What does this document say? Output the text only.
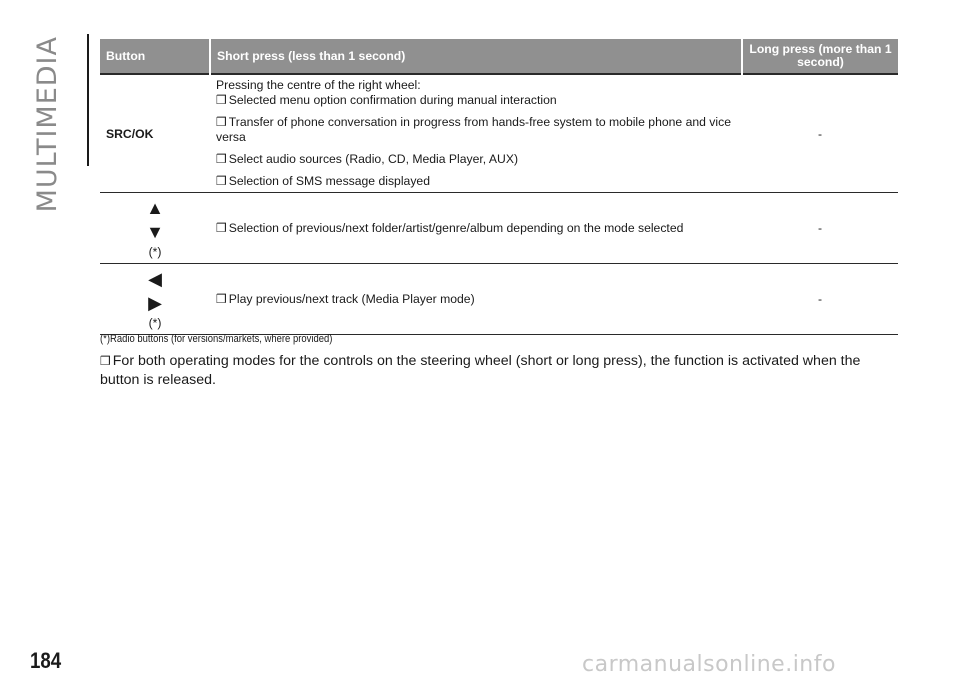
MULTIMEDIA	Button	Short press (less than 1 second)	Long press (more than 1 second)
SRC/OK	Pressing the centre of the right wheel:

❒ Selected menu option confirmation during manual interaction

❒ Transfer of phone conversation in progress from hands-free system to mobile phone and vice versa

❒ Select audio sources (Radio, CD, Media Player, AUX)

❒ Selection of SMS message displayed	-

▲
▼
(*)	❒ Selection of previous/next folder/artist/genre/album depending on the mode selected	-

◀
▶
(*)	❒ Play previous/next track (Media Player mode)	-
(*)Radio buttons (for versions/markets, where provided)
❒ For both operating modes for the controls on the steering wheel (short or long press), the function is activated when the button is released.
184	carmanualsonline.info
